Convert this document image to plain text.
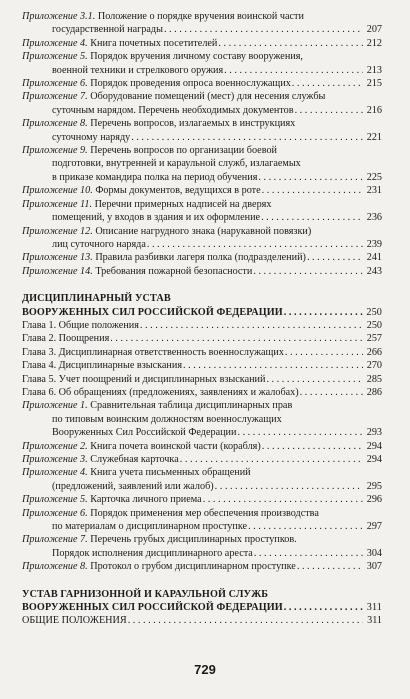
Приложение 3.1.
Положение о порядке вручения воинской части
государственной награды . . .	207
Приложение 4.
Книга почетных посетителей . . .	212
Приложение 5.
Порядок вручения личному составу вооружения,
военной техники и стрелкового оружия . . .	213
Приложение 6.
Порядок проведения опроса военнослужащих . . .	215
Приложение 7.
Оборудование помещений (мест) для несения службы
суточным нарядом. Перечень необходимых документов . . .	216
Приложение 8.
Перечень вопросов, излагаемых в инструкциях
суточному наряду . . .	221
Приложение 9.
Перечень вопросов по организации боевой
подготовки, внутренней и караульной служб, излагаемых
в приказе командира полка на период обучения . . .	225
Приложение 10.
Формы документов, ведущихся в роте . . .	231
Приложение 11.
Перечни примерных надписей на дверях
помещений, у входов в здания и их оформление . . .	236
Приложение 12.
Описание нагрудного знака (нарукавной повязки)
лиц суточного наряда . . .	239
Приложение 13.
Правила разбивки лагеря полка (подразделений) . . .	241
Приложение 14.
Требования пожарной безопасности . . .	243
ДИСЦИПЛИНАРНЫЙ УСТАВ
ВООРУЖЕННЫХ СИЛ РОССИЙСКОЙ ФЕДЕРАЦИИ . . .	250
Глава 1. Общие положения . . .	250
Глава 2. Поощрения . . .	257
Глава 3. Дисциплинарная ответственность военнослужащих . . .	266
Глава 4. Дисциплинарные взыскания . . .	270
Глава 5. Учет поощрений и дисциплинарных взысканий . . .	285
Глава 6. Об обращениях (предложениях, заявлениях и жалобах) . . .	286
Приложение 1.
Сравнительная таблица дисциплинарных прав
по типовым воинским должностям военнослужащих
Вооруженных Сил Российской Федерации . . .	293
Приложение 2.
Книга почета воинской части (корабля) . . .	294
Приложение 3.
Служебная карточка . . .	294
Приложение 4.
Книга учета письменных обращений
(предложений, заявлений или жалоб) . . .	295
Приложение 5.
Карточка личного приема . . .	296
Приложение 6.
Порядок применения мер обеспечения производства
по материалам о дисциплинарном проступке . . .	297
Приложение 7.
Перечень грубых дисциплинарных проступков.
Порядок исполнения дисциплинарного ареста . . .	304
Приложение 8.
Протокол о грубом дисциплинарном проступке . . .	307
УСТАВ ГАРНИЗОННОЙ И КАРАУЛЬНОЙ СЛУЖБ
ВООРУЖЕННЫХ СИЛ РОССИЙСКОЙ ФЕДЕРАЦИИ . . .	311
ОБЩИЕ ПОЛОЖЕНИЯ . . .	311
729
